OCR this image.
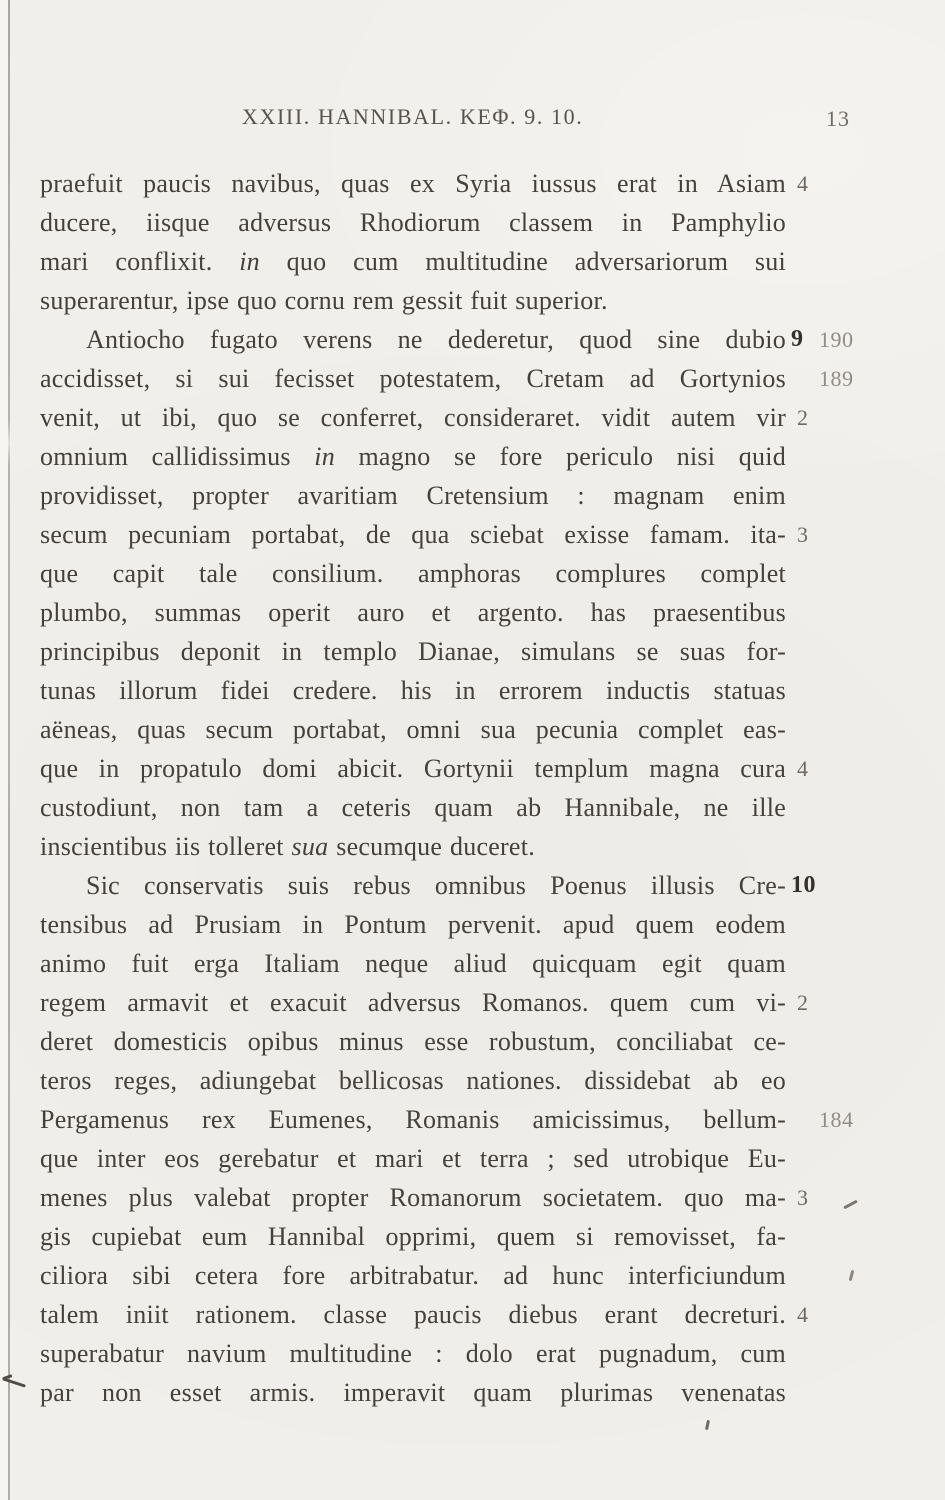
XXIII. HANNIBAL. ΚΕΦ. 9. 10.	13
praefuit paucis navibus, quas ex Syria iussus erat in Asiam
ducere, iisque adversus Rhodiorum classem in Pamphylio
mari conflixit. in quo cum multitudine adversariorum sui
superarentur, ipse quo cornu rem gessit fuit superior.
Antiocho fugato verens ne dederetur, quod sine dubio
accidisset, si sui fecisset potestatem, Cretam ad Gortynios
venit, ut ibi, quo se conferret, consideraret. vidit autem vir
omnium callidissimus in magno se fore periculo nisi quid
providisset, propter avaritiam Cretensium : magnam enim
secum pecuniam portabat, de qua sciebat exisse famam. ita-
que capit tale consilium. amphoras complures complet
plumbo, summas operit auro et argento. has praesentibus
principibus deponit in templo Dianae, simulans se suas for-
tunas illorum fidei credere. his in errorem inductis statuas
aëneas, quas secum portabat, omni sua pecunia complet eas-
que in propatulo domi abicit. Gortynii templum magna cura
custodiunt, non tam a ceteris quam ab Hannibale, ne ille
inscientibus iis tolleret sua secumque duceret.
Sic conservatis suis rebus omnibus Poenus illusis Cre-
tensibus ad Prusiam in Pontum pervenit. apud quem eodem
animo fuit erga Italiam neque aliud quicquam egit quam
regem armavit et exacuit adversus Romanos. quem cum vi-
deret domesticis opibus minus esse robustum, conciliabat ce-
teros reges, adiungebat bellicosas nationes. dissidebat ab eo
Pergamenus rex Eumenes, Romanis amicissimus, bellum-
que inter eos gerebatur et mari et terra ; sed utrobique Eu-
menes plus valebat propter Romanorum societatem. quo ma-
gis cupiebat eum Hannibal opprimi, quem si removisset, fa-
ciliora sibi cetera fore arbitrabatur. ad hunc interficiundum
talem iniit rationem. classe paucis diebus erant decreturi.
superabatur navium multitudine : dolo erat pugnadum, cum
par non esset armis. imperavit quam plurimas venenatas
4
9 190
189
2
3
4
10
2
184
3
4
